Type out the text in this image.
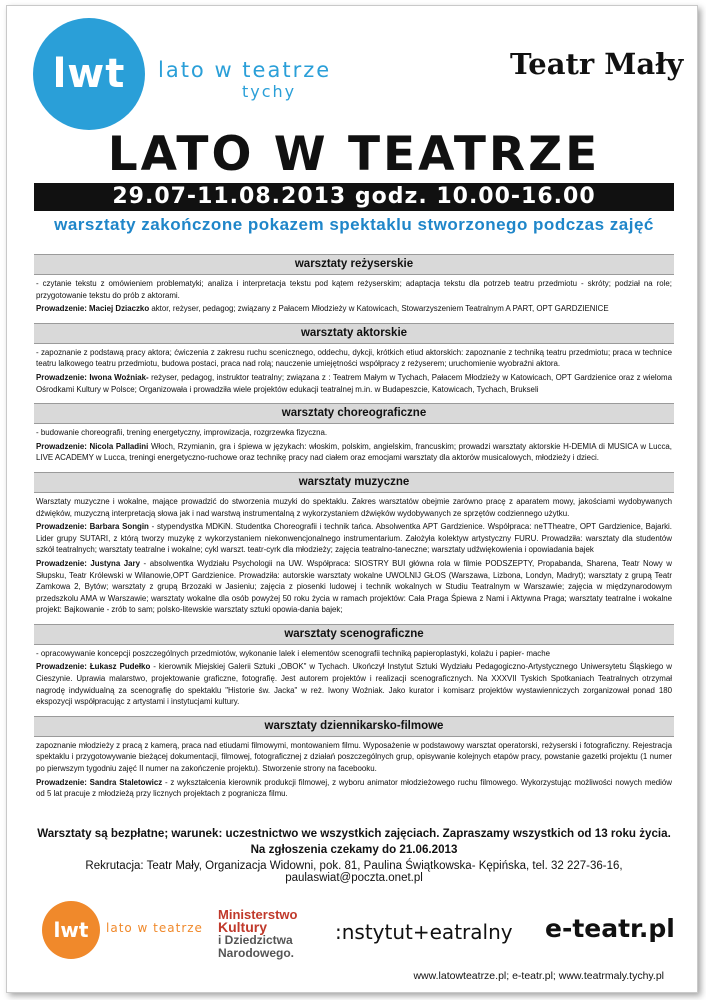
lwt lato w teatrze
tychy
Teatr Mały
LATO W TEATRZE
29.07-11.08.2013 godz. 10.00-16.00
warsztaty zakończone pokazem spektaklu stworzonego podczas zajęć
warsztaty reżyserskie

- czytanie tekstu z omówieniem problematyki; analiza i interpretacja tekstu pod kątem reżyserskim; adaptacja tekstu dla potrzeb teatru przedmiotu - skróty; podział na role; przygotowanie tekstu do prób z aktorami.

Prowadzenie: Maciej Dziaczko aktor, reżyser, pedagog; związany z Pałacem Młodzieży w Katowicach, Stowarzyszeniem Teatralnym A PART, OPT GARDZIENICE

warsztaty aktorskie

- zapoznanie z podstawą pracy aktora; ćwiczenia z zakresu ruchu scenicznego, oddechu, dykcji, krótkich etiud aktorskich: zapoznanie z techniką teatru przedmiotu; praca w technice teatru lalkowego teatru przedmiotu, budowa postaci, praca nad rolą; nauczenie umiejętności współpracy z reżyserem; uruchomienie wyobraźni aktora.

Prowadzenie: Iwona Woźniak- reżyser, pedagog, instruktor teatralny; związana z : Teatrem Małym w Tychach, Pałacem Młodzieży w Katowicach, OPT Gardzienice oraz z wieloma Ośrodkami Kultury w Polsce; Organizowała i prowadziła wiele projektów edukacji teatralnej m.in. w Budapeszcie, Katowicach, Tychach, Brukseli

warsztaty choreograficzne

- budowanie choreografii, trening energetyczny, improwizacja, rozgrzewka fizyczna.

Prowadzenie: Nicola Palladini Włoch, Rzymianin, gra i śpiewa w językach: włoskim, polskim, angielskim, francuskim; prowadzi warsztaty aktorskie H-DEMIA di MUSICA w Lucca, LIVE ACADEMY w Lucca, treningi energetyczno-ruchowe oraz technikę pracy nad ciałem oraz emocjami warsztaty dla aktorów musicalowych, młodzieży i dzieci.

warsztaty muzyczne

Warsztaty muzyczne i wokalne, mające prowadzić do stworzenia muzyki do spektaklu. Zakres warsztatów obejmie zarówno pracę z aparatem mowy, jakościami wydobywanych dźwięków, muzyczną interpretacją słowa jak i nad warstwą instrumentalną z wykorzystaniem dźwięków wydobywanych ze sprzętów codziennego użytku.

Prowadzenie: Barbara Songin - stypendystka MDKiN. Studentka Choreografii i technik tańca. Absolwentka APT Gardzienice. Współpraca: neTTheatre, OPT Gardzienice, Bajarki. Lider grupy SUTARI, z którą tworzy muzykę z wykorzystaniem niekonwencjonalnego instrumentarium. Założyła kolektyw artystyczny FURU. Prowadziła: warsztaty dla studentów szkół teatralnych; warsztaty teatralne i wokalne; cykl warszt. teatr-cyrk dla młodzieży; zajęcia teatralno-taneczne; warsztaty udźwiękowienia i opowiadania bajek

Prowadzenie: Justyna Jary - absolwentka Wydziału Psychologii na UW. Współpraca: SIOSTRY BUI główna rola w filmie PODSZEPTY, Propabanda, Sharena, Teatr Nowy w Słupsku, Teatr Królewski w Wilanowie,OPT Gardzienice. Prowadziła: autorskie warsztaty wokalne UWOLNIJ GŁOS (Warszawa, Lizbona, Londyn, Madryt); warsztaty z grupą Teatr Zamkowa 2, Bytów; warsztaty z grupą Brzozaki w Jasieniu; zajęcia z piosenki ludowej i technik wokalnych w Studiu Teatralnym w Warszawie; zajęcia w międzynarodowym przedszkolu AMA w Warszawie; warsztaty wokalne dla osób powyżej 50 roku życia w ramach projektów: Cała Praga Śpiewa z Nami i Aktywna Praga; warsztaty teatralne i wokalne projekt: Bajkowanie - zrób to sam; polsko-litewskie warsztaty sztuki opowia-dania bajek;

warsztaty scenograficzne

- opracowywanie koncepcji poszczególnych przedmiotów, wykonanie lalek i elementów scenografii techniką papieroplastyki, kolażu i papier- mache

Prowadzenie: Łukasz Pudełko - kierownik Miejskiej Galerii Sztuki „OBOK" w Tychach. Ukończył Instytut Sztuki Wydziału Pedagogiczno-Artystycznego Uniwersytetu Śląskiego w Cieszynie. Uprawia malarstwo, projektowanie graficzne, fotografię. Jest autorem projektów i realizacji scenograficznych. Na XXXVII Tyskich Spotkaniach Teatralnych otrzymał nagrodę indywidualną za scenografię do spektaklu "Historie św. Jacka" w reż. Iwony Woźniak. Jako kurator i komisarz projektów wystawienniczych zorganizował ponad 180 ekspozycji współpracując z artystami i instytucjami kultury.

warsztaty dziennikarsko-filmowe

zapoznanie młodzieży z pracą z kamerą, praca nad etiudami filmowymi, montowaniem filmu. Wyposażenie w podstawowy warsztat operatorski, reżyserski i fotograficzny. Rejestracja spektaklu i przygotowywanie bieżącej dokumentacji, filmowej, fotograficznej z działań poszczególnych grup, opisywanie kolejnych etapów pracy, powstanie gazetki projektu (1 numer po pierwszym tygodniu zajęć II numer na zakończenie projektu). Stworzenie strony na facebooku.

Prowadzenie: Sandra Staletowicz - z wykształcenia kierownik produkcji filmowej, z wyboru animator młodzieżowego ruchu filmowego. Wykorzystując możliwości nowych mediów od 5 lat pracuje z młodzieżą przy licznych projektach z pogranicza filmu.

Warsztaty są bezpłatne; warunek: uczestnictwo we wszystkich zajęciach. Zapraszamy wszystkich od 13 roku życia.
Na zgłoszenia czekamy do 21.06.2013
Rekrutacja: Teatr Mały, Organizacja Widowni, pok. 81, Paulina Świątkowska- Kępińska, tel. 32 227-36-16, paulaswiat@poczta.onet.pl
lwt lato w teatrze
Ministerstwo
Kultury
i Dziedzictwa
Narodowego.
:nstytut+eatralny e-teatr.pl
www.latowteatrze.pl; e-teatr.pl; www.teatrmaly.tychy.pl
